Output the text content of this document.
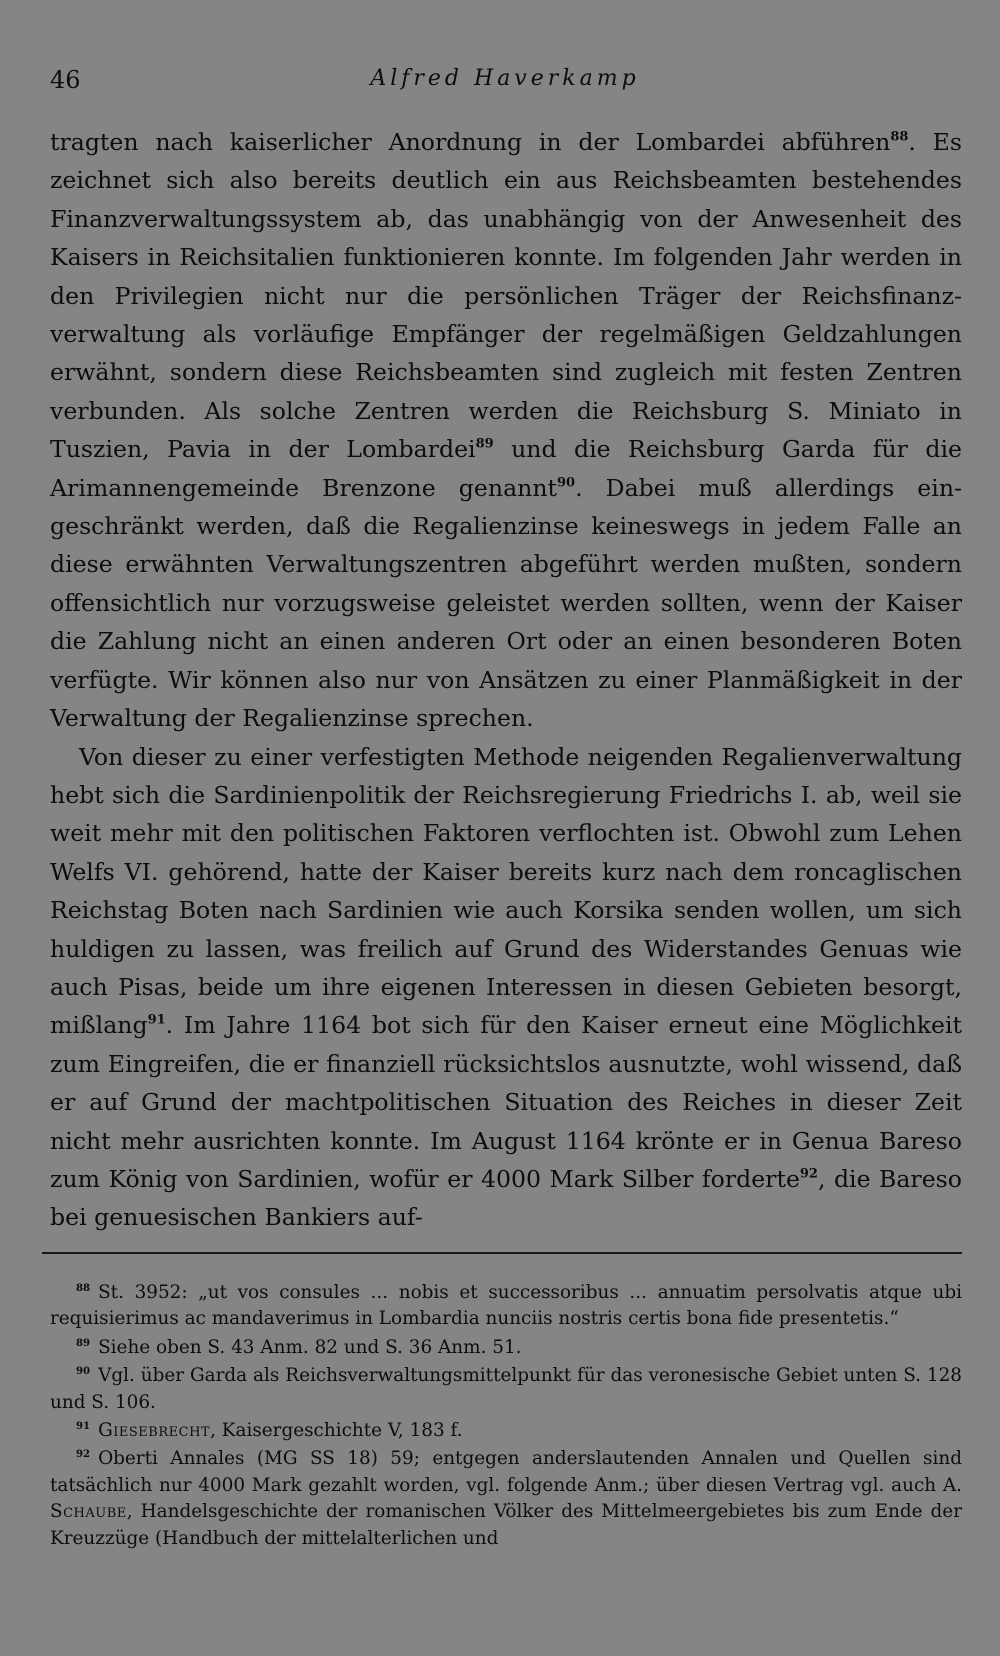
46	Alfred Haverkamp

tragten nach kaiserlicher Anordnung in der Lombardei abführen$^{88}$. Es zeichnet sich also bereits deutlich ein aus Reichsbeamten bestehendes Finanzverwaltungssystem ab, das unabhängig von der Anwesenheit des Kaisers in Reichsitalien funktionieren konnte. Im folgenden Jahr werden in den Privilegien nicht nur die persönlichen Träger der Reichsfinanzverwaltung als vorläufige Empfänger der regelmäßigen Geldzahlungen erwähnt, sondern diese Reichsbeamten sind zugleich mit festen Zentren verbunden. Als solche Zentren werden die Reichsburg S. Miniato in Tuszien, Pavia in der Lombardei$^{89}$ und die Reichsburg Garda für die Arimannengemeinde Brenzone genannt$^{90}$. Dabei muß allerdings eingeschränkt werden, daß die Regalienzinse keineswegs in jedem Falle an diese erwähnten Verwaltungszentren abgeführt werden mußten, sondern offensichtlich nur vorzugsweise geleistet werden sollten, wenn der Kaiser die Zahlung nicht an einen anderen Ort oder an einen besonderen Boten verfügte. Wir können also nur von Ansätzen zu einer Planmäßigkeit in der Verwaltung der Regalienzinse sprechen.

Von dieser zu einer verfestigten Methode neigenden Regalienverwaltung hebt sich die Sardinienpolitik der Reichsregierung Friedrichs I. ab, weil sie weit mehr mit den politischen Faktoren verflochten ist. Obwohl zum Lehen Welfs VI. gehörend, hatte der Kaiser bereits kurz nach dem roncaglischen Reichstag Boten nach Sardinien wie auch Korsika senden wollen, um sich huldigen zu lassen, was freilich auf Grund des Widerstandes Genuas wie auch Pisas, beide um ihre eigenen Interessen in diesen Gebieten besorgt, mißlang$^{91}$. Im Jahre 1164 bot sich für den Kaiser erneut eine Möglichkeit zum Eingreifen, die er finanziell rücksichtslos ausnutzte, wohl wissend, daß er auf Grund der machtpolitischen Situation des Reiches in dieser Zeit nicht mehr ausrichten konnte. Im August 1164 krönte er in Genua Bareso zum König von Sardinien, wofür er 4000 Mark Silber forderte$^{92}$, die Bareso bei genuesischen Bankiers auf-

$^{88}$ St. 3952: „ut vos consules ... nobis et successoribus ... annuatim persolvatis atque ubi requisierimus ac mandaverimus in Lombardia nunciis nostris certis bona fide presentetis.“

$^{89}$ Siehe oben S. 43 Anm. 82 und S. 36 Anm. 51.

$^{90}$ Vgl. über Garda als Reichsverwaltungsmittelpunkt für das veronesische Gebiet unten S. 128 und S. 106.

$^{91}$ Giesebrecht, Kaisergeschichte V, 183 f.

$^{92}$ Oberti Annales (MG SS 18) 59; entgegen anderslautenden Annalen und Quellen sind tatsächlich nur 4000 Mark gezahlt worden, vgl. folgende Anm.; über diesen Vertrag vgl. auch A. Schaube, Handelsgeschichte der romanischen Völker des Mittelmeergebietes bis zum Ende der Kreuzzüge (Handbuch der mittelalterlichen und
